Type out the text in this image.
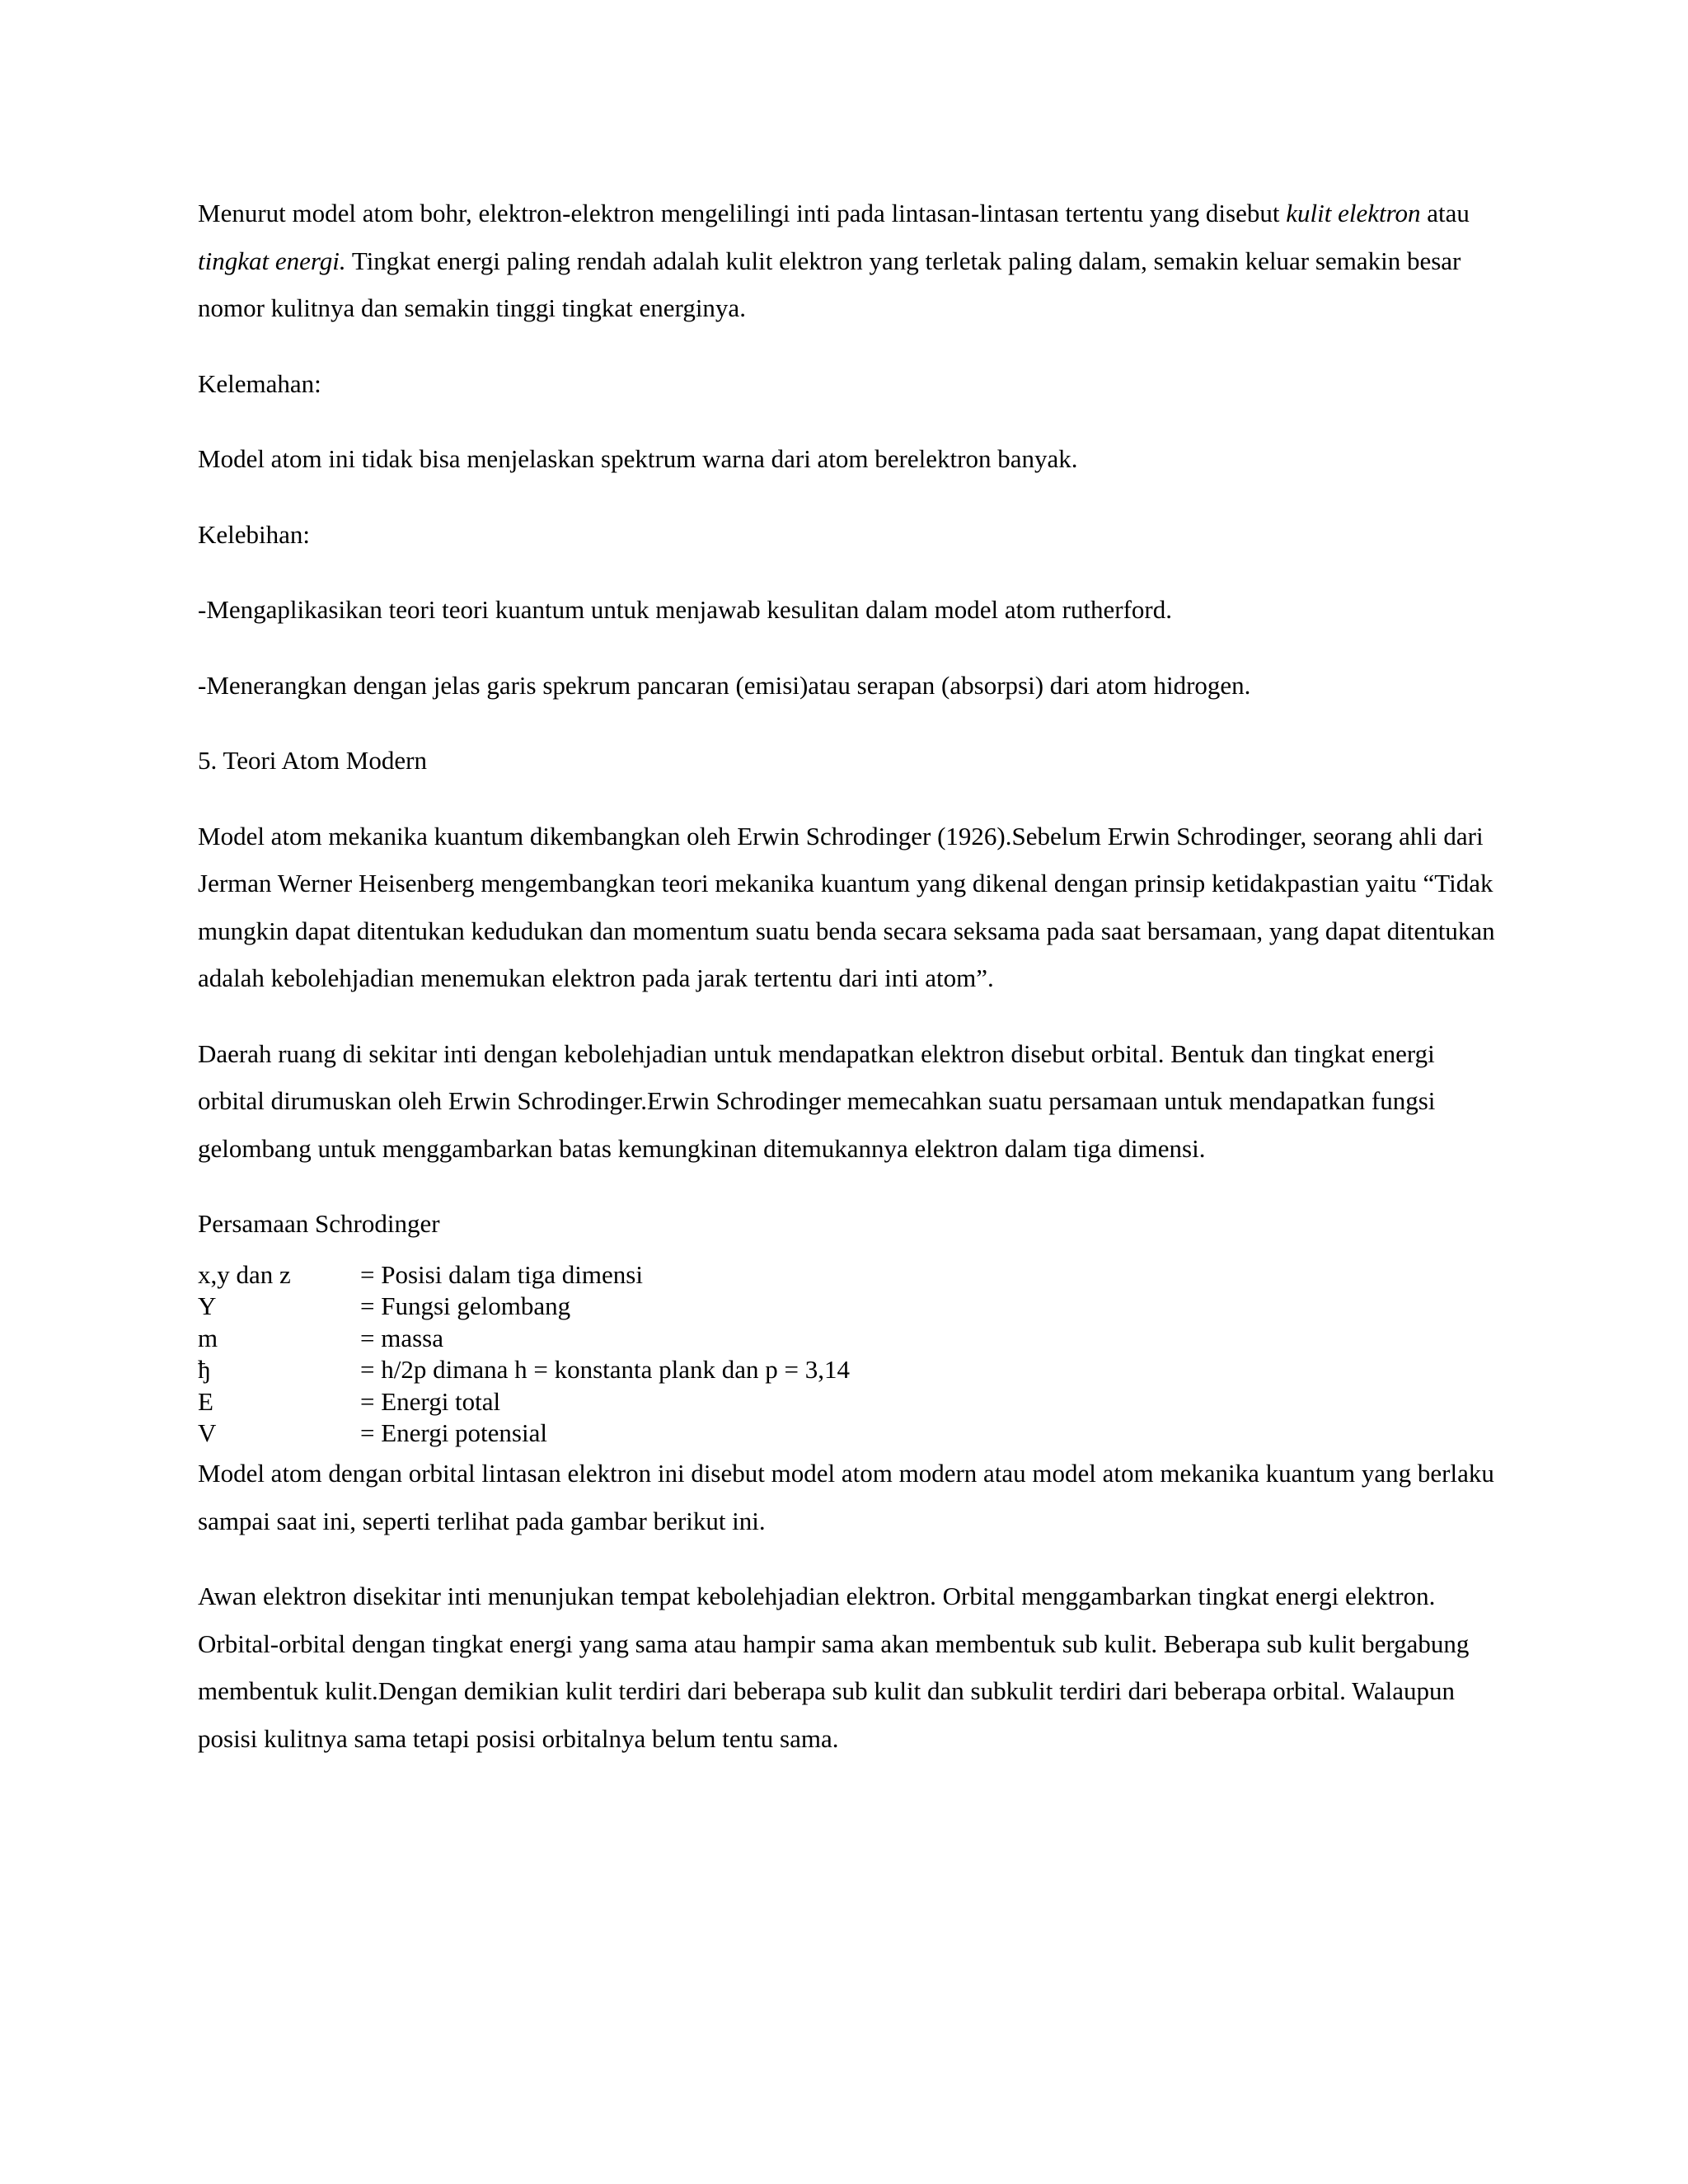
Menurut model atom bohr, elektron-elektron mengelilingi inti pada lintasan-lintasan tertentu yang disebut kulit elektron atau tingkat energi. Tingkat energi paling rendah adalah kulit elektron yang terletak paling dalam, semakin keluar semakin besar nomor kulitnya dan semakin tinggi tingkat energinya.

Kelemahan:

Model atom ini tidak bisa menjelaskan spektrum warna dari atom berelektron banyak.

Kelebihan:

-Mengaplikasikan teori teori kuantum untuk menjawab kesulitan dalam model atom rutherford.

-Menerangkan dengan jelas garis spekrum pancaran (emisi)atau serapan (absorpsi) dari atom hidrogen.

5. Teori Atom Modern

Model atom mekanika kuantum dikembangkan oleh Erwin Schrodinger (1926).Sebelum Erwin Schrodinger, seorang ahli dari Jerman Werner Heisenberg mengembangkan teori mekanika kuantum yang dikenal dengan prinsip ketidakpastian yaitu “Tidak mungkin dapat ditentukan kedudukan dan momentum suatu benda secara seksama pada saat bersamaan, yang dapat ditentukan adalah kebolehjadian menemukan elektron pada jarak tertentu dari inti atom”.

Daerah ruang di sekitar inti dengan kebolehjadian untuk mendapatkan elektron disebut orbital. Bentuk dan tingkat energi orbital dirumuskan oleh Erwin Schrodinger.Erwin Schrodinger memecahkan suatu persamaan untuk mendapatkan fungsi gelombang untuk menggambarkan batas kemungkinan ditemukannya elektron dalam tiga dimensi.

Persamaan Schrodinger

x,y dan z	= Posisi dalam tiga dimensi
Y	= Fungsi gelombang
m	= massa
ђ	= h/2p dimana h = konstanta plank dan p = 3,14
E	= Energi total
V	= Energi potensial

Model atom dengan orbital lintasan elektron ini disebut model atom modern atau model atom mekanika kuantum yang berlaku sampai saat ini, seperti terlihat pada gambar berikut ini.

Awan elektron disekitar inti menunjukan tempat kebolehjadian elektron. Orbital menggambarkan tingkat energi elektron. Orbital-orbital dengan tingkat energi yang sama atau hampir sama akan membentuk sub kulit. Beberapa sub kulit bergabung membentuk kulit.Dengan demikian kulit terdiri dari beberapa sub kulit dan subkulit terdiri dari beberapa orbital. Walaupun posisi kulitnya sama tetapi posisi orbitalnya belum tentu sama.
